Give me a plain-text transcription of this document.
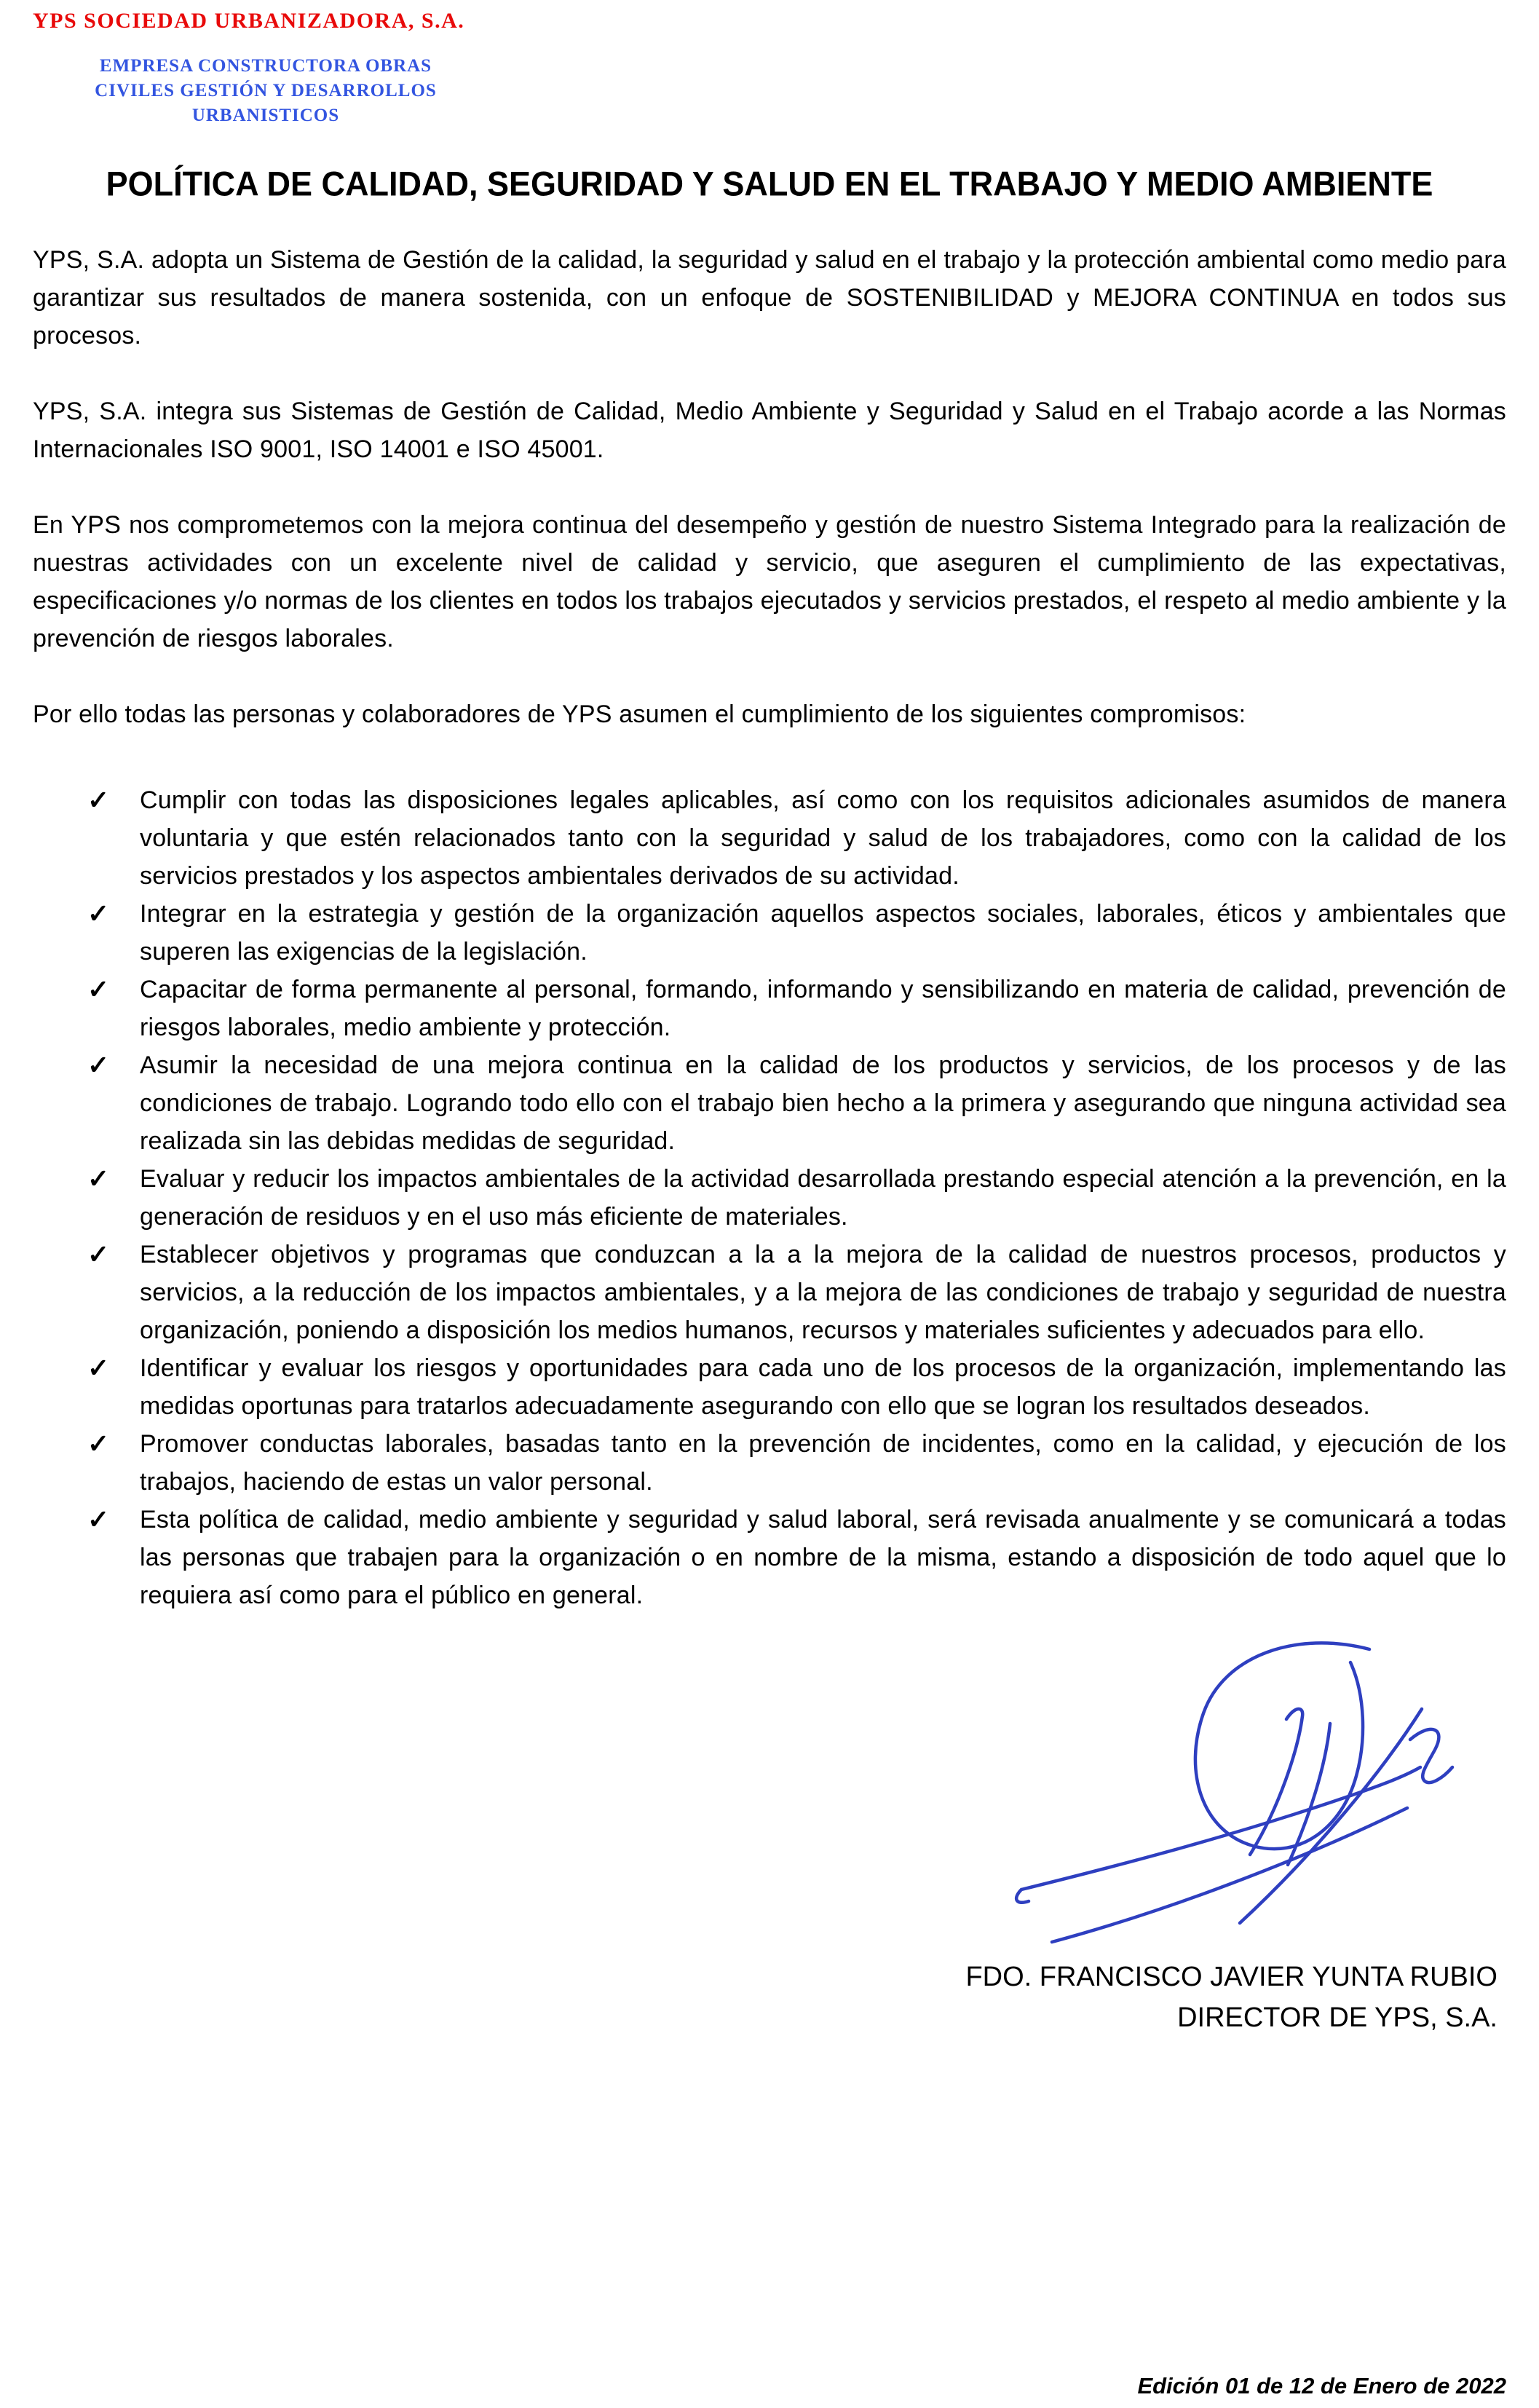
YPS SOCIEDAD URBANIZADORA, S.A.
EMPRESA CONSTRUCTORA OBRAS
CIVILES GESTIÓN Y DESARROLLOS
URBANISTICOS
POLÍTICA DE CALIDAD, SEGURIDAD Y SALUD EN EL TRABAJO Y MEDIO AMBIENTE

YPS, S.A. adopta un Sistema de Gestión de la calidad, la seguridad y salud en el trabajo y la protección ambiental como medio para garantizar sus resultados de manera sostenida, con un enfoque de SOSTENIBILIDAD y MEJORA CONTINUA en todos sus procesos.

YPS, S.A. integra sus Sistemas de Gestión de Calidad, Medio Ambiente y Seguridad y Salud en el Trabajo acorde a las Normas Internacionales ISO 9001, ISO 14001 e ISO 45001.

En YPS nos comprometemos con la mejora continua del desempeño y gestión de nuestro Sistema Integrado para la realización de nuestras actividades con un excelente nivel de calidad y servicio, que aseguren el cumplimiento de las expectativas, especificaciones y/o normas de los clientes en todos los trabajos ejecutados y servicios prestados, el respeto al medio ambiente y la prevención de riesgos laborales.

Por ello todas las personas y colaboradores de YPS asumen el cumplimiento de los siguientes compromisos:

✓ Cumplir con todas las disposiciones legales aplicables, así como con los requisitos adicionales asumidos de manera voluntaria y que estén relacionados tanto con la seguridad y salud de los trabajadores, como con la calidad de los servicios prestados y los aspectos ambientales derivados de su actividad.
✓ Integrar en la estrategia y gestión de la organización aquellos aspectos sociales, laborales, éticos y ambientales que superen las exigencias de la legislación.
✓ Capacitar de forma permanente al personal, formando, informando y sensibilizando en materia de calidad, prevención de riesgos laborales, medio ambiente y protección.
✓ Asumir la necesidad de una mejora continua en la calidad de los productos y servicios, de los procesos y de las condiciones de trabajo. Logrando todo ello con el trabajo bien hecho a la primera y asegurando que ninguna actividad sea realizada sin las debidas medidas de seguridad.
✓ Evaluar y reducir los impactos ambientales de la actividad desarrollada prestando especial atención a la prevención, en la generación de residuos y en el uso más eficiente de materiales.
✓ Establecer objetivos y programas que conduzcan a la a la mejora de la calidad de nuestros procesos, productos y servicios, a la reducción de los impactos ambientales, y a la mejora de las condiciones de trabajo y seguridad de nuestra organización, poniendo a disposición los medios humanos, recursos y materiales suficientes y adecuados para ello.
✓ Identificar y evaluar los riesgos y oportunidades para cada uno de los procesos de la organización, implementando las medidas oportunas para tratarlos adecuadamente asegurando con ello que se logran los resultados deseados.
✓ Promover conductas laborales, basadas tanto en la prevención de incidentes, como en la calidad, y ejecución de los trabajos, haciendo de estas un valor personal.
✓ Esta política de calidad, medio ambiente y seguridad y salud laboral, será revisada anualmente y se comunicará a todas las personas que trabajen para la organización o en nombre de la misma, estando a disposición de todo aquel que lo requiera así como para el público en general.
FDO. FRANCISCO JAVIER YUNTA RUBIO
DIRECTOR DE YPS, S.A.
Edición 01 de 12 de Enero de 2022
